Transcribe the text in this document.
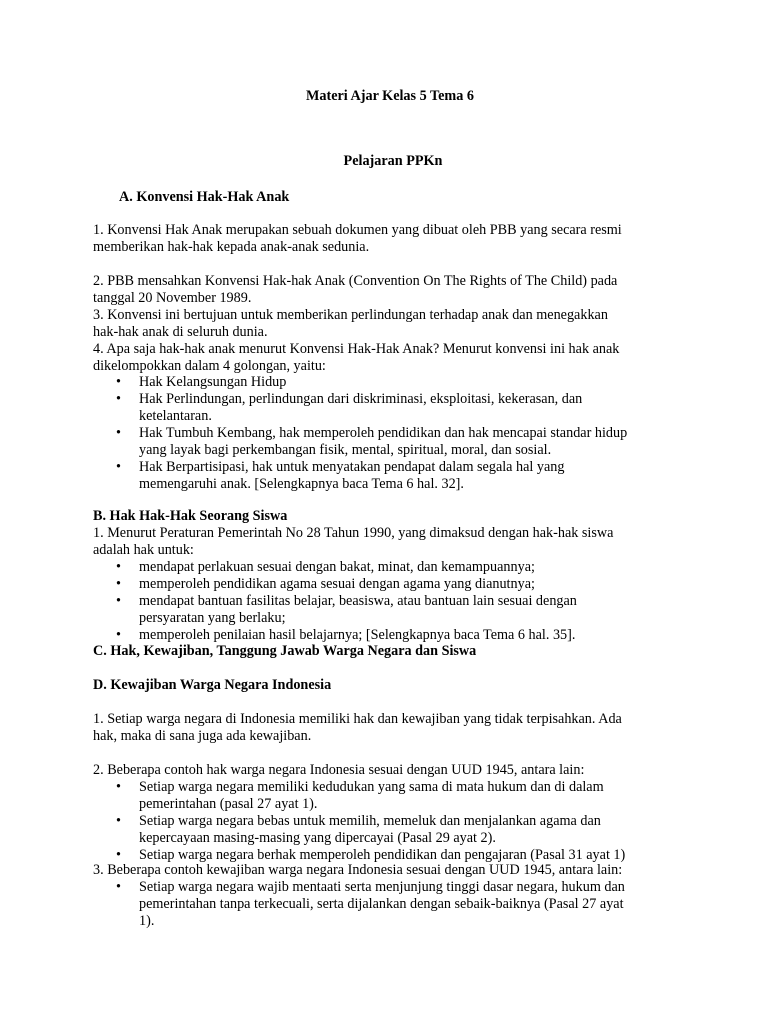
Materi Ajar Kelas 5 Tema 6
Pelajaran PPKn
A. Konvensi Hak-Hak Anak
1. Konvensi Hak Anak merupakan sebuah dokumen yang dibuat oleh PBB yang secara resmi
memberikan hak-hak kepada anak-anak sedunia.
2. PBB mensahkan Konvensi Hak-hak Anak (Convention On The Rights of The Child) pada
tanggal 20 November 1989.
3. Konvensi ini bertujuan untuk memberikan perlindungan terhadap anak dan menegakkan
hak-hak anak di seluruh dunia.
4. Apa saja hak-hak anak menurut Konvensi Hak-Hak Anak? Menurut konvensi ini hak anak
dikelompokkan dalam 4 golongan, yaitu:
• Hak Kelangsungan Hidup
• Hak Perlindungan, perlindungan dari diskriminasi, eksploitasi, kekerasan, dan
ketelantaran.
• Hak Tumbuh Kembang, hak memperoleh pendidikan dan hak mencapai standar hidup
yang layak bagi perkembangan fisik, mental, spiritual, moral, dan sosial.
• Hak Berpartisipasi, hak untuk menyatakan pendapat dalam segala hal yang
memengaruhi anak. [Selengkapnya baca Tema 6 hal. 32].
B. Hak Hak-Hak Seorang Siswa
1. Menurut Peraturan Pemerintah No 28 Tahun 1990, yang dimaksud dengan hak-hak siswa
adalah hak untuk:
• mendapat perlakuan sesuai dengan bakat, minat, dan kemampuannya;
• memperoleh pendidikan agama sesuai dengan agama yang dianutnya;
• mendapat bantuan fasilitas belajar, beasiswa, atau bantuan lain sesuai dengan
persyaratan yang berlaku;
• memperoleh penilaian hasil belajarnya; [Selengkapnya baca Tema 6 hal. 35].
C. Hak, Kewajiban, Tanggung Jawab Warga Negara dan Siswa
D. Kewajiban Warga Negara Indonesia
1. Setiap warga negara di Indonesia memiliki hak dan kewajiban yang tidak terpisahkan. Ada
hak, maka di sana juga ada kewajiban.
2. Beberapa contoh hak warga negara Indonesia sesuai dengan UUD 1945, antara lain:
• Setiap warga negara memiliki kedudukan yang sama di mata hukum dan di dalam
pemerintahan (pasal 27 ayat 1).
• Setiap warga negara bebas untuk memilih, memeluk dan menjalankan agama dan
kepercayaan masing-masing yang dipercayai (Pasal 29 ayat 2).
• Setiap warga negara berhak memperoleh pendidikan dan pengajaran (Pasal 31 ayat 1)
3. Beberapa contoh kewajiban warga negara Indonesia sesuai dengan UUD 1945, antara lain:
• Setiap warga negara wajib mentaati serta menjunjung tinggi dasar negara, hukum dan
pemerintahan tanpa terkecuali, serta dijalankan dengan sebaik-baiknya (Pasal 27 ayat
1).
